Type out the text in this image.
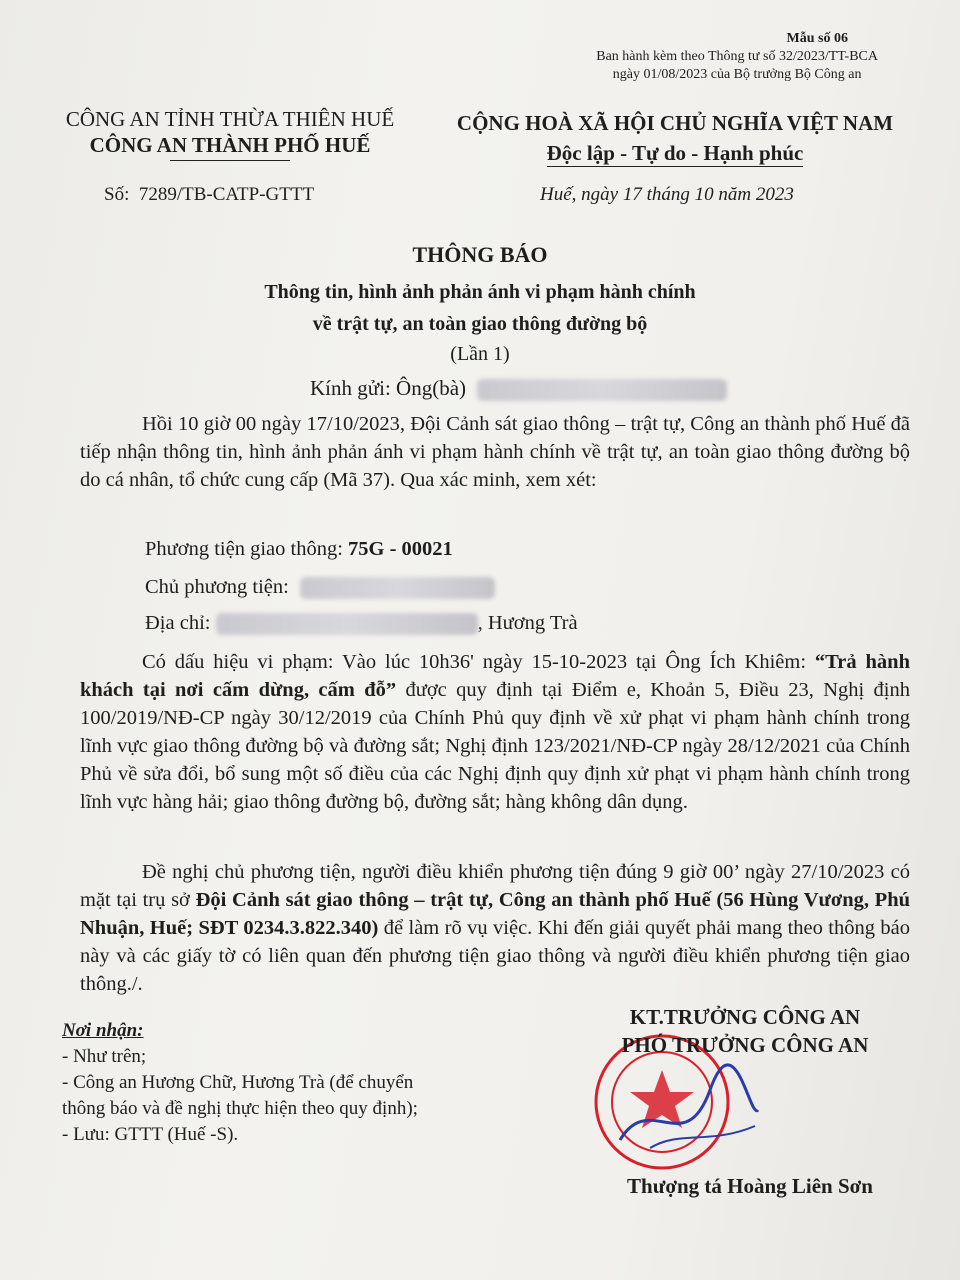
Mẫu số 06
Ban hành kèm theo Thông tư số 32/2023/TT-BCA
ngày 01/08/2023 của Bộ trưởng Bộ Công an
CÔNG AN TỈNH THỪA THIÊN HUẾ
CÔNG AN THÀNH PHỐ HUẾ
CỘNG HOÀ XÃ HỘI CHỦ NGHĨA VIỆT NAM
Độc lập - Tự do - Hạnh phúc
Số: 7289/TB-CATP-GTTT	Huế, ngày 17 tháng 10 năm 2023
THÔNG BÁO
Thông tin, hình ảnh phản ánh vi phạm hành chính
về trật tự, an toàn giao thông đường bộ
(Lần 1)
Kính gửi: Ông(bà)
Hồi 10 giờ 00 ngày 17/10/2023, Đội Cảnh sát giao thông – trật tự, Công an thành phố Huế đã tiếp nhận thông tin, hình ảnh phản ánh vi phạm hành chính về trật tự, an toàn giao thông đường bộ do cá nhân, tổ chức cung cấp (Mã 37). Qua xác minh, xem xét:
Phương tiện giao thông: 75G - 00021
Chủ phương tiện:
Địa chỉ:	, Hương Trà
Có dấu hiệu vi phạm: Vào lúc 10h36' ngày 15-10-2023 tại Ông Ích Khiêm: “Trả hành khách tại nơi cấm dừng, cấm đỗ” được quy định tại Điểm e, Khoản 5, Điều 23, Nghị định 100/2019/NĐ-CP ngày 30/12/2019 của Chính Phủ quy định về xử phạt vi phạm hành chính trong lĩnh vực giao thông đường bộ và đường sắt; Nghị định 123/2021/NĐ-CP ngày 28/12/2021 của Chính Phủ về sửa đổi, bổ sung một số điều của các Nghị định quy định xử phạt vi phạm hành chính trong lĩnh vực hàng hải; giao thông đường bộ, đường sắt; hàng không dân dụng.
Đề nghị chủ phương tiện, người điều khiển phương tiện đúng 9 giờ 00’ ngày 27/10/2023 có mặt tại trụ sở Đội Cảnh sát giao thông – trật tự, Công an thành phố Huế (56 Hùng Vương, Phú Nhuận, Huế; SĐT 0234.3.822.340) để làm rõ vụ việc. Khi đến giải quyết phải mang theo thông báo này và các giấy tờ có liên quan đến phương tiện giao thông và người điều khiển phương tiện giao thông./.
Nơi nhận:
- Như trên;
- Công an Hương Chữ, Hương Trà (để chuyển
thông báo và đề nghị thực hiện theo quy định);
- Lưu: GTTT (Huế -S).
KT.TRƯỞNG CÔNG AN
PHÓ TRƯỞNG CÔNG AN
Thượng tá Hoàng Liên Sơn
